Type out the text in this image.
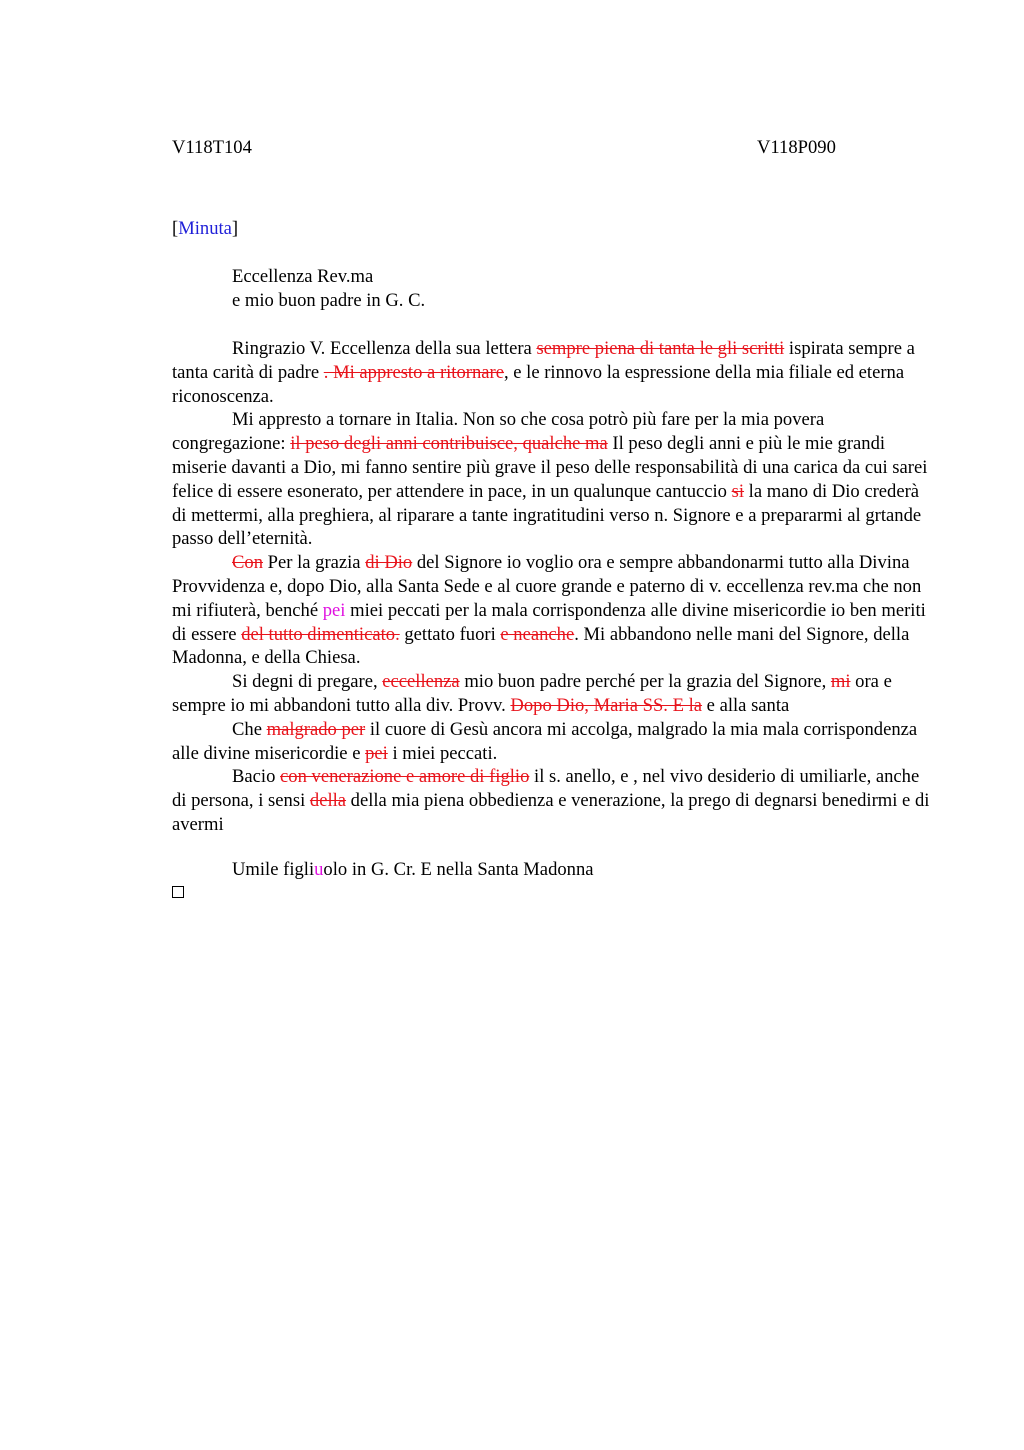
V118T104	V118P090
[Minuta]
Eccellenza Rev.ma
e mio buon padre in G. C.

Ringrazio V. Eccellenza della sua lettera sempre piena di tanta le gli scritti ispirata sempre a tanta carità di padre . Mi appresto a ritornare, e le rinnovo la espressione della mia filiale ed eterna riconoscenza.

Mi appresto a tornare in Italia. Non so che cosa potrò più fare per la mia povera congregazione: il peso degli anni contribuisce, qualche ma Il peso degli anni e più le mie grandi miserie davanti a Dio, mi fanno sentire più grave il peso delle responsabilità di una carica da cui sarei felice di essere esonerato, per attendere in pace, in un qualunque cantuccio si la mano di Dio crederà di mettermi, alla preghiera, al riparare a tante ingratitudini verso n. Signore e a prepararmi al grtande passo dell’eternità.

Con Per la grazia di Dio del Signore io voglio ora e sempre abbandonarmi tutto alla Divina Provvidenza e, dopo Dio, alla Santa Sede e al cuore grande e paterno di v. eccellenza rev.ma che non mi rifiuterà, benché pei miei peccati per la mala corrispondenza alle divine misericordie io ben meriti di essere del tutto dimenticato. gettato fuori e neanche. Mi abbandono nelle mani del Signore, della Madonna, e della Chiesa.

Si degni di pregare, eccellenza mio buon padre perché per la grazia del Signore, mi ora e sempre io mi abbandoni tutto alla div. Provv. Dopo Dio, Maria SS. E la e alla santa

Che malgrado per il cuore di Gesù ancora mi accolga, malgrado la mia mala corrispondenza alle divine misericordie e pei i miei peccati.

Bacio con venerazione e amore di figlio il s. anello, e , nel vivo desiderio di umiliarle, anche di persona, i sensi della della mia piena obbedienza e venerazione, la prego di degnarsi benedirmi e di avermi

Umile figliuolo in G. Cr. E nella Santa Madonna
